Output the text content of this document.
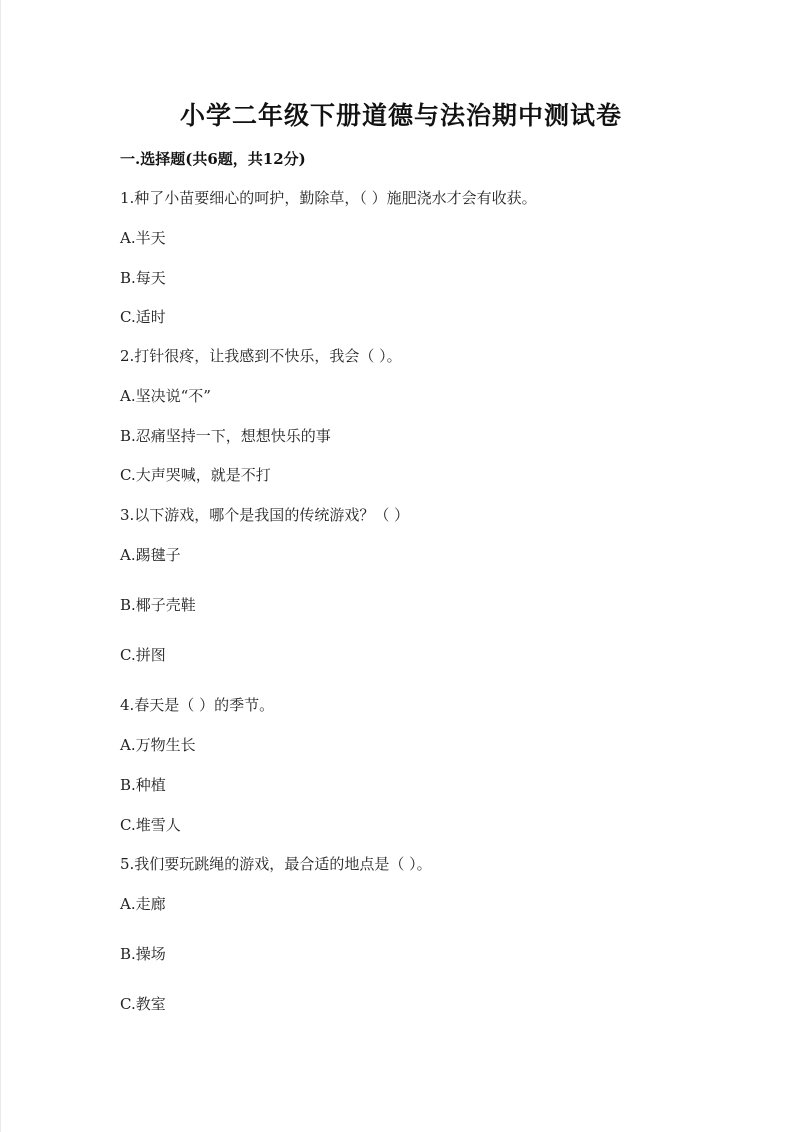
小学二年级下册道德与法治期中测试卷
一.选择题(共6题，共12分)
1.种了小苗要细心的呵护，勤除草，（ ）施肥浇水才会有收获。
A.半天
B.每天
C.适时
2.打针很疼，让我感到不快乐，我会（ ）。
A.坚决说“不”
B.忍痛坚持一下，想想快乐的事
C.大声哭喊，就是不打
3.以下游戏，哪个是我国的传统游戏？（ ）
A.踢毽子
B.椰子壳鞋
C.拼图
4.春天是（ ）的季节。
A.万物生长
B.种植
C.堆雪人
5.我们要玩跳绳的游戏，最合适的地点是（ ）。
A.走廊
B.操场
C.教室
